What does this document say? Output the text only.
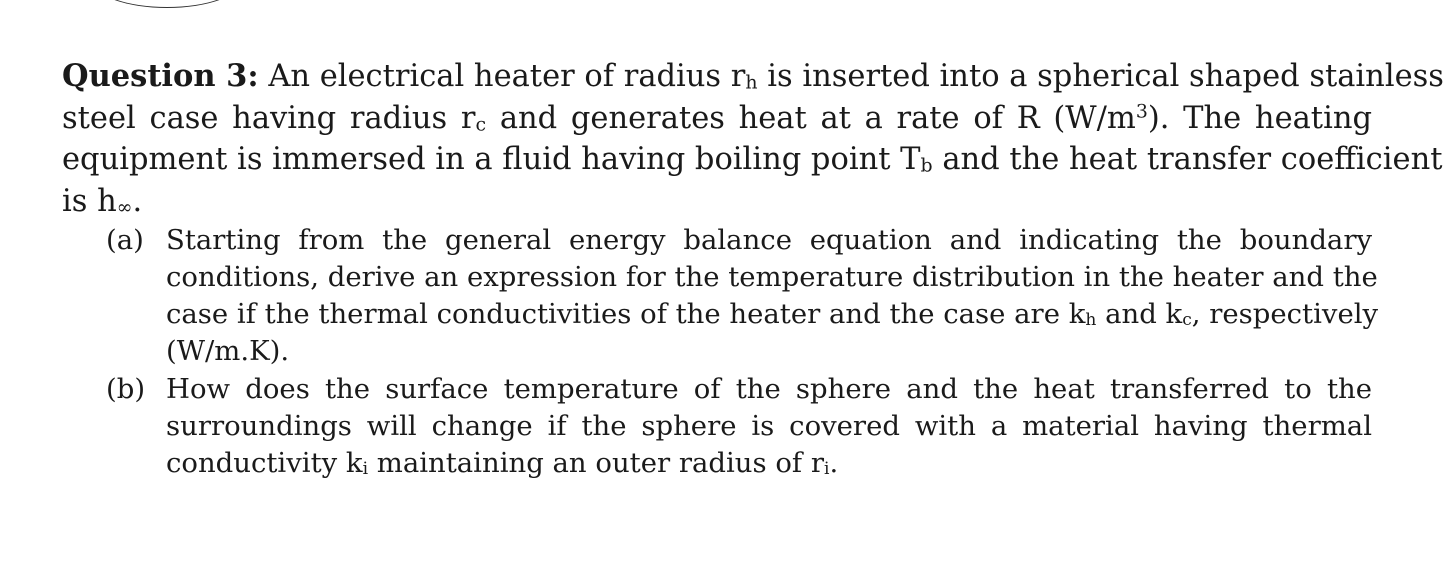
Question 3: An electrical heater of radius $r_h$ is inserted into a spherical shaped stainless
steel case having radius $r_c$ and generates heat at a rate of R $(W/m^3)$. The heating
equipment is immersed in a fluid having boiling point $T_b$ and the heat transfer coefficient
is $h_\infty$.
(a) Starting from the general energy balance equation and indicating the boundary
conditions, derive an expression for the temperature distribution in the heater and the
case if the thermal conductivities of the heater and the case are $k_h$ and $k_c$, respectively
(W/m.K).
(b) How does the surface temperature of the sphere and the heat transferred to the
surroundings will change if the sphere is covered with a material having thermal
conductivity $k_i$ maintaining an outer radius of $r_i$.
